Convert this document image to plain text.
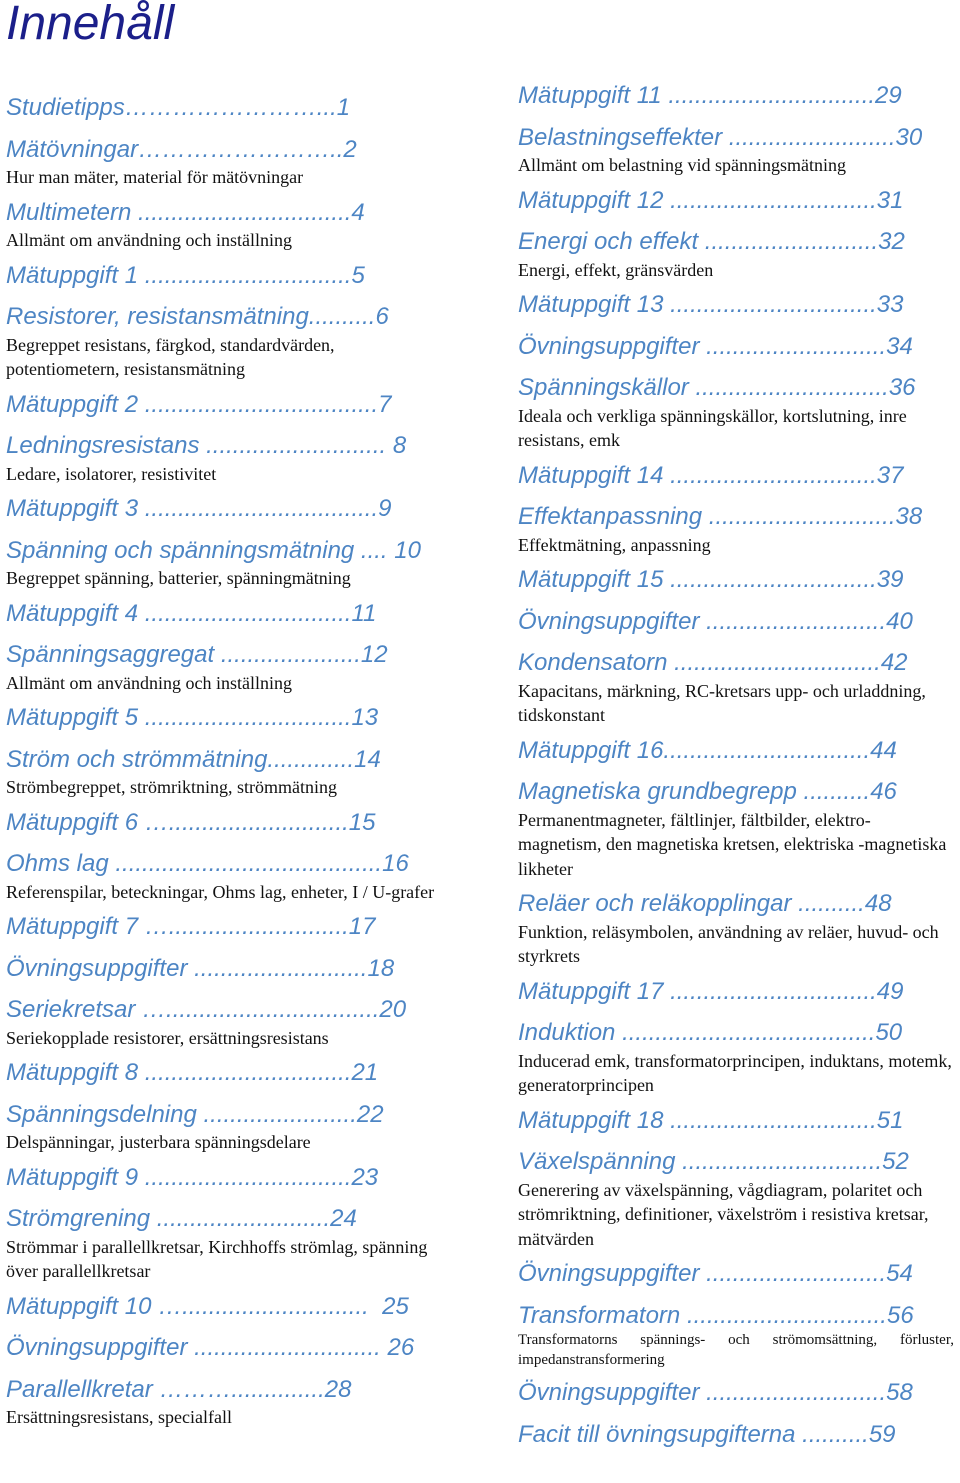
Innehåll
Studietipps……………………...1
Mätövningar……………………..2
Hur man mäter, material för mätövningar
Multimetern ................................4
Allmänt om användning och inställning
Mätuppgift 1 ...............................5
Resistorer, resistansmätning..........6
Begreppet resistans, färgkod, standardvärden, potentiometern, resistansmätning
Mätuppgift 2 ...................................7
Ledningsresistans ........................... 8
Ledare, isolatorer, resistivitet
Mätuppgift 3 ...................................9
Spänning och spänningsmätning .... 10
Begreppet spänning, batterier, spänningmätning
Mätuppgift 4 ...............................11
Spänningsaggregat .....................12
Allmänt om användning och inställning
Mätuppgift 5 ...............................13
Ström och strömmätning.............14
Strömbegreppet, strömriktning, strömmätning
Mätuppgift 6 …...........................15
Ohms lag ........................................16
Referenspilar, beteckningar, Ohms lag, enheter, I / U-grafer
Mätuppgift 7 …...........................17
Övningsuppgifter ..........................18
Seriekretsar …................................20
Seriekopplade resistorer, ersättningsresistans
Mätuppgift 8 ...............................21
Spänningsdelning .......................22
Delspänningar, justerbara spänningsdelare
Mätuppgift 9 ...............................23
Strömgrening ..........................24
Strömmar i parallellkretsar, Kirchhoffs strömlag, spänning över parallellkretsar
Mätuppgift 10 …............................  25
Övningsuppgifter ............................ 26
Parallellkretar ………..............28
Ersättningsresistans, specialfall
Mätuppgift 11 ...............................29
Belastningseffekter .........................30
Allmänt om belastning vid spänningsmätning
Mätuppgift 12 ...............................31
Energi och effekt ..........................32
Energi, effekt, gränsvärden
Mätuppgift 13 ...............................33
Övningsuppgifter ...........................34
Spänningskällor .............................36
Ideala och verkliga spänningskällor, kortslutning, inre resistans, emk
Mätuppgift 14 ...............................37
Effektanpassning ............................38
Effektmätning, anpassning
Mätuppgift 15 ...............................39
Övningsuppgifter ...........................40
Kondensatorn ...............................42
Kapacitans, märkning, RC-kretsars upp- och urladdning, tidskonstant
Mätuppgift 16...............................44
Magnetiska grundbegrepp ..........46
Permanentmagneter, fältlinjer, fältbilder, elektro-magnetism, den magnetiska kretsen, elektriska -magnetiska likheter
Reläer och reläkopplingar ..........48
Funktion, reläsymbolen, användning av reläer, huvud- och styrkrets
Mätuppgift 17 ...............................49
Induktion ......................................50
Inducerad emk, transformatorprincipen, induktans, motemk, generatorprincipen
Mätuppgift 18 ...............................51
Växelspänning ..............................52
Generering av växelspänning, vågdiagram, polaritet och strömriktning, definitioner, växelström i resistiva kretsar, mätvärden
Övningsuppgifter ...........................54
Transformatorn ..............................56
Transformatorns spännings- och strömomsättning, förluster, impedanstransformering
Övningsuppgifter ...........................58
Facit till övningsupgifterna ..........59
